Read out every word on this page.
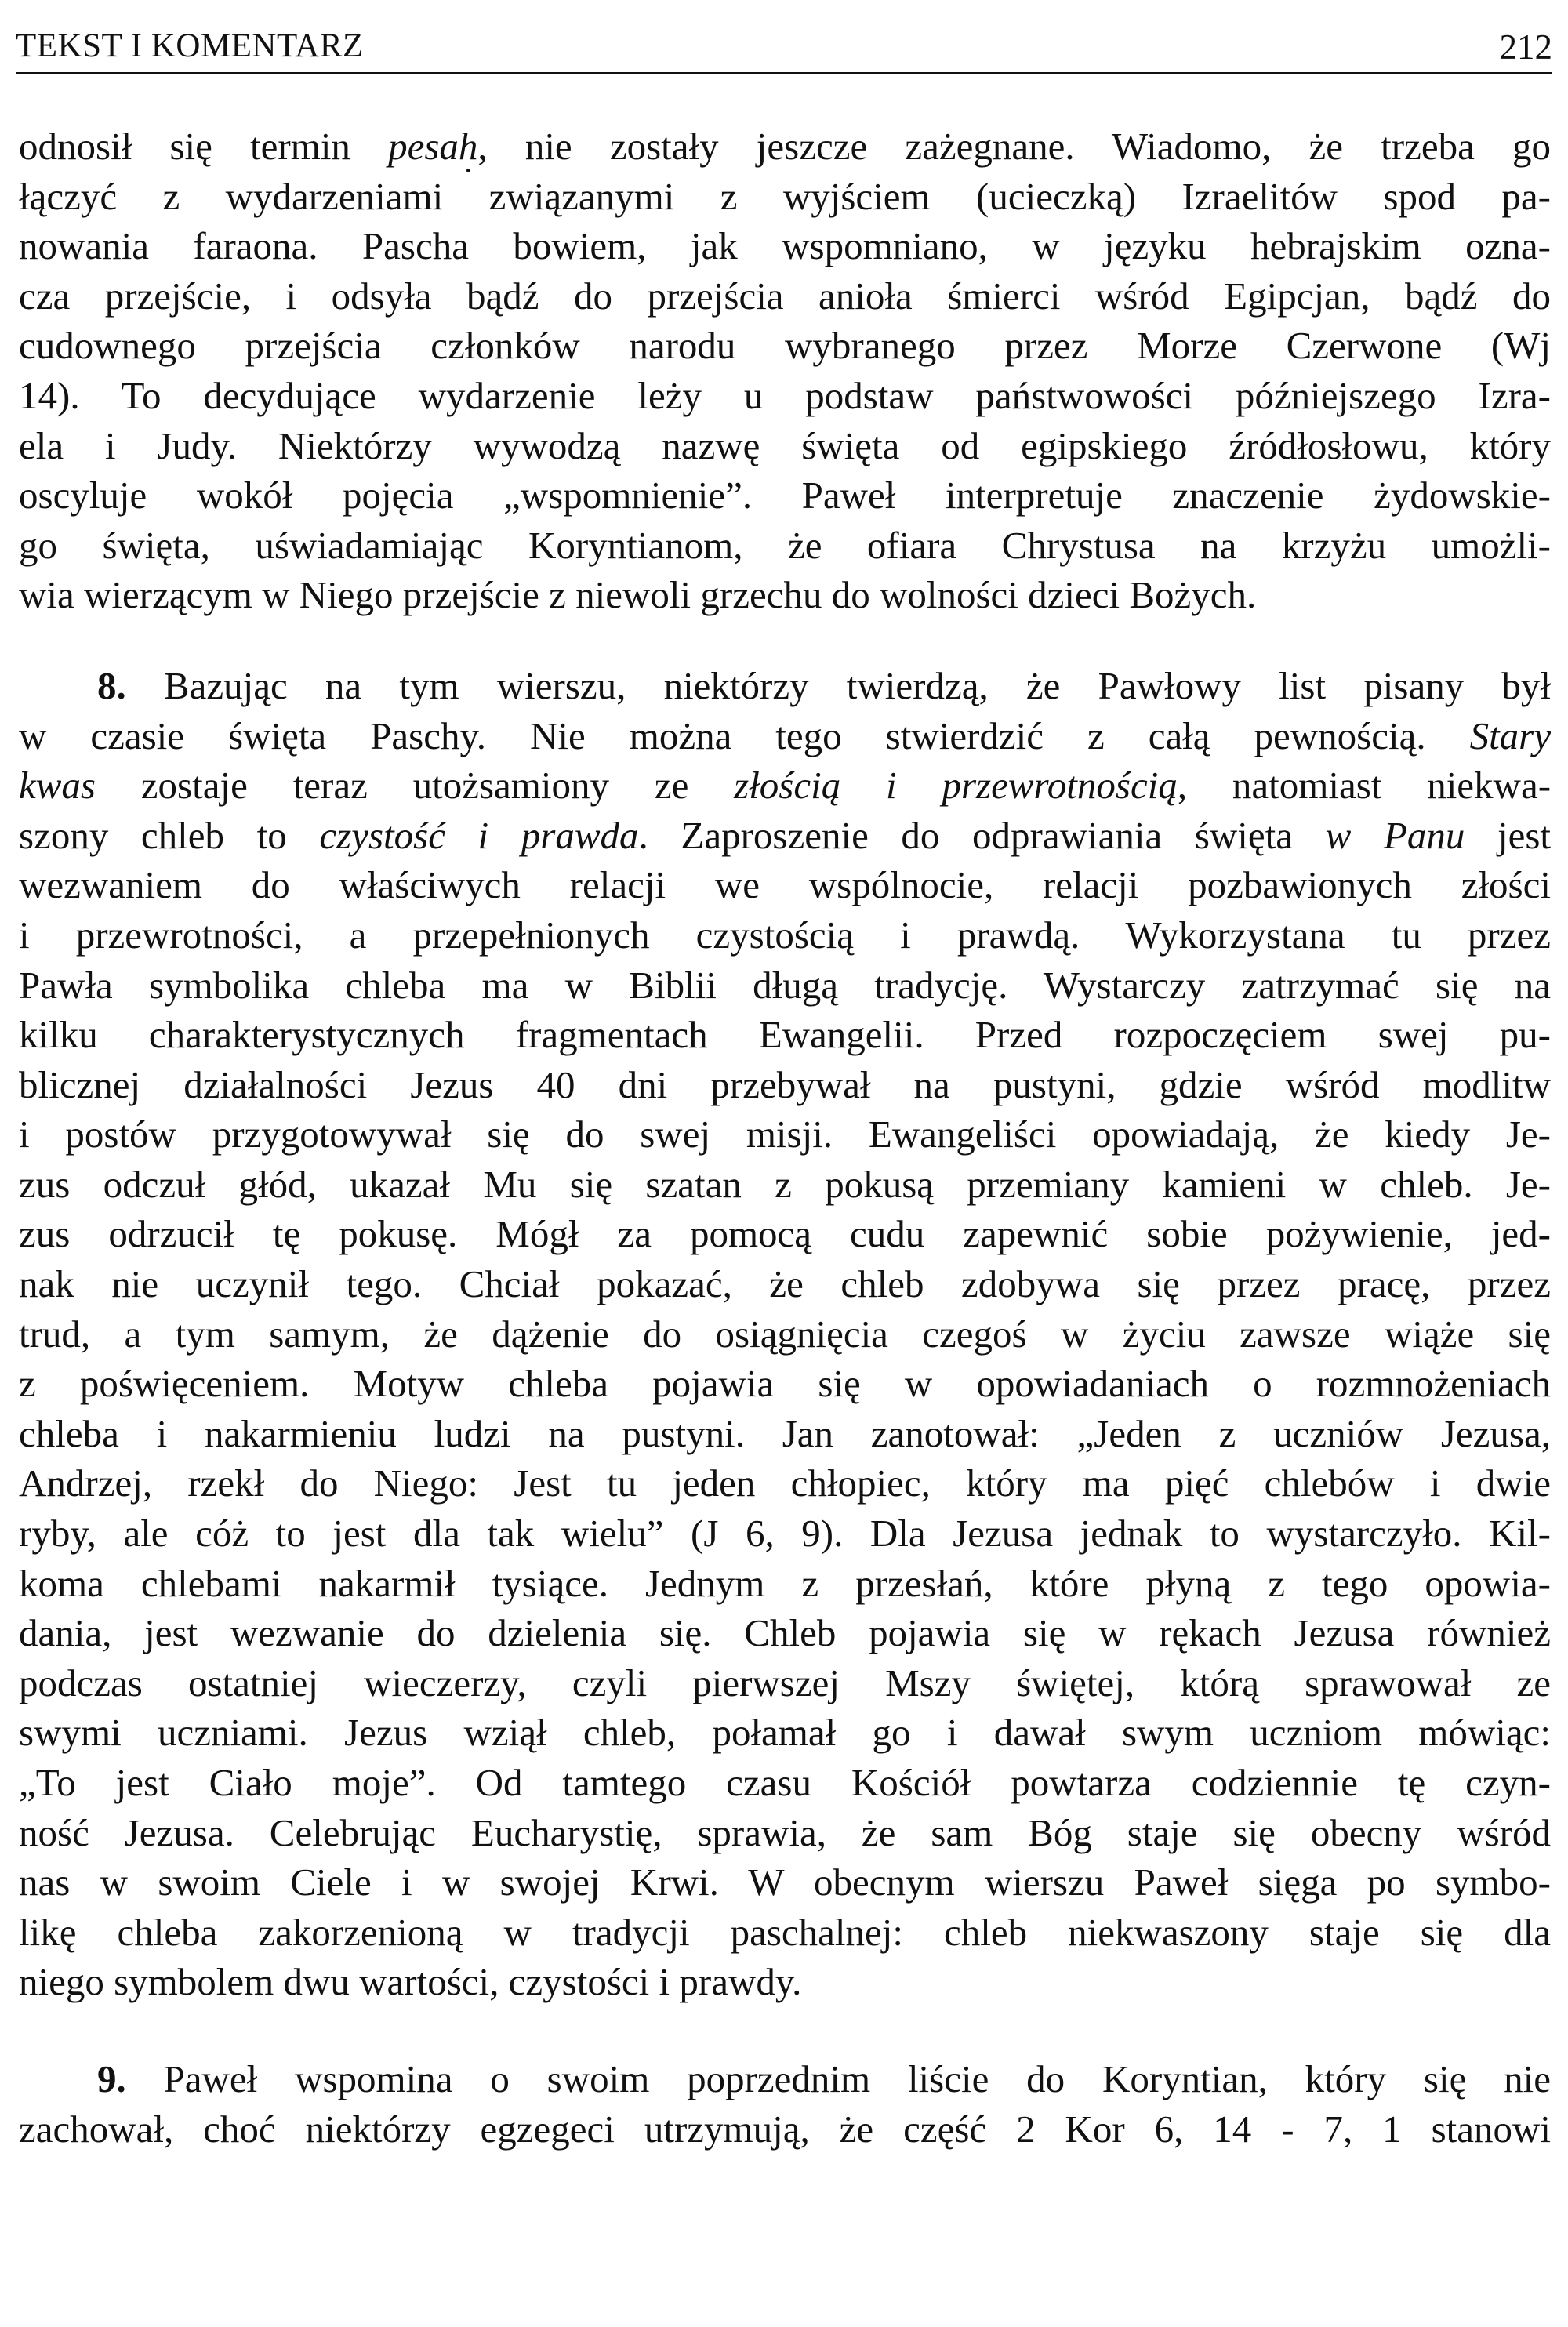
TEKST I KOMENTARZ	212
odnosił się termin pesah, nie zostały jeszcze zażegnane. Wiadomo, że trzeba go
łączyć z wydarzeniami związanymi z wyjściem (ucieczką) Izraelitów spod pa-
nowania faraona. Pascha bowiem, jak wspomniano, w języku hebrajskim ozna-
cza przejście, i odsyła bądź do przejścia anioła śmierci wśród Egipcjan, bądź do
cudownego przejścia członków narodu wybranego przez Morze Czerwone (Wj
14). To decydujące wydarzenie leży u podstaw państwowości późniejszego Izra-
ela i Judy. Niektórzy wywodzą nazwę święta od egipskiego źródłosłowu, który
oscyluje wokół pojęcia „wspomnienie”. Paweł interpretuje znaczenie żydowskie-
go święta, uświadamiając Koryntianom, że ofiara Chrystusa na krzyżu umożli-
wia wierzącym w Niego przejście z niewoli grzechu do wolności dzieci Bożych.
8. Bazując na tym wierszu, niektórzy twierdzą, że Pawłowy list pisany był
w czasie święta Paschy. Nie można tego stwierdzić z całą pewnością. Stary
kwas zostaje teraz utożsamiony ze złością i przewrotnością, natomiast niekwa-
szony chleb to czystość i prawda. Zaproszenie do odprawiania święta w Panu jest
wezwaniem do właściwych relacji we wspólnocie, relacji pozbawionych złości
i przewrotności, a przepełnionych czystością i prawdą. Wykorzystana tu przez
Pawła symbolika chleba ma w Biblii długą tradycję. Wystarczy zatrzymać się na
kilku charakterystycznych fragmentach Ewangelii. Przed rozpoczęciem swej pu-
blicznej działalności Jezus 40 dni przebywał na pustyni, gdzie wśród modlitw
i postów przygotowywał się do swej misji. Ewangeliści opowiadają, że kiedy Je-
zus odczuł głód, ukazał Mu się szatan z pokusą przemiany kamieni w chleb. Je-
zus odrzucił tę pokusę. Mógł za pomocą cudu zapewnić sobie pożywienie, jed-
nak nie uczynił tego. Chciał pokazać, że chleb zdobywa się przez pracę, przez
trud, a tym samym, że dążenie do osiągnięcia czegoś w życiu zawsze wiąże się
z poświęceniem. Motyw chleba pojawia się w opowiadaniach o rozmnożeniach
chleba i nakarmieniu ludzi na pustyni. Jan zanotował: „Jeden z uczniów Jezusa,
Andrzej, rzekł do Niego: Jest tu jeden chłopiec, który ma pięć chlebów i dwie
ryby, ale cóż to jest dla tak wielu” (J 6, 9). Dla Jezusa jednak to wystarczyło. Kil-
koma chlebami nakarmił tysiące. Jednym z przesłań, które płyną z tego opowia-
dania, jest wezwanie do dzielenia się. Chleb pojawia się w rękach Jezusa również
podczas ostatniej wieczerzy, czyli pierwszej Mszy świętej, którą sprawował ze
swymi uczniami. Jezus wziął chleb, połamał go i dawał swym uczniom mówiąc:
„To jest Ciało moje”. Od tamtego czasu Kościół powtarza codziennie tę czyn-
ność Jezusa. Celebrując Eucharystię, sprawia, że sam Bóg staje się obecny wśród
nas w swoim Ciele i w swojej Krwi. W obecnym wierszu Paweł sięga po symbo-
likę chleba zakorzenioną w tradycji paschalnej: chleb niekwaszony staje się dla
niego symbolem dwu wartości, czystości i prawdy.
9. Paweł wspomina o swoim poprzednim liście do Koryntian, który się nie
zachował, choć niektórzy egzegeci utrzymują, że część 2 Kor 6, 14 - 7, 1 stanowi
